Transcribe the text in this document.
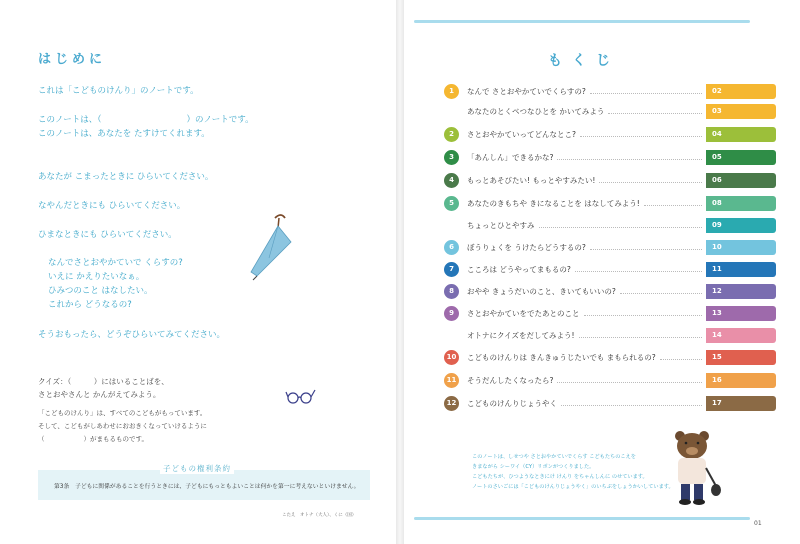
はじめに
これは「こどものけんり」のノートです。
このノートは、（　　　　　　　　　　）のノートです。
このノートは、あなたを たすけてくれます。
あなたが こまったときに ひらいてください。
なやんだときにも ひらいてください。
ひまなときにも ひらいてください。
なんでさとおやかていで くらすの?
いえに かえりたいなぁ。
ひみつのこと はなしたい。
これから どうなるの?
そうおもったら、どうぞひらいてみてください。
クイズ：（　　　）にはいることばを、
さとおやさんと かんがえてみよう。
「こどものけんり」は、すべてのこどもがもっています。
そして、こどもがしあわせにおおきくなっていけるように
（　　　　　　）がまもるものです。
子どもの権利条約
第3条　子どもに関係があることを行うときには、子どもにもっともよいことは何かを第一に考えないといけません。
こたえ　オトナ（大人）、くに（国）
もくじ
1	なんで さとおやかていでくらすの?	02
あなたのとくべつなひとを かいてみよう	03
2	さとおやかていってどんなとこ?	04
3	「あんしん」できるかな?	05
4	もっとあそびたい! もっとやすみたい!	06
5	あなたのきもちや きになることを はなしてみよう!	08
ちょっとひとやすみ	09
6	ぼうりょくを うけたらどうするの?	10
7	こころは どうやってまもるの?	11
8	おやや きょうだいのこと、きいてもいいの?	12
9	さとおやかていをでたあとのこと	13
オトナにクイズをだしてみよう!	14
10	こどものけんりは きんきゅうじたいでも まもられるの?	15
11	そうだんしたくなったら?	16
12	こどものけんりじょうやく	17
このノートは、しせつや さとおやかていでくらす こどもたちのこえを
きまながら シーワイ（CY）リボンがつくりました。
こどもたちが、ひつようなときにけ けんり をちゃんしんに のせています。
ノートのさいごには「こどものけんりじょうやく」のいちぶをしょうかいしています。
01
